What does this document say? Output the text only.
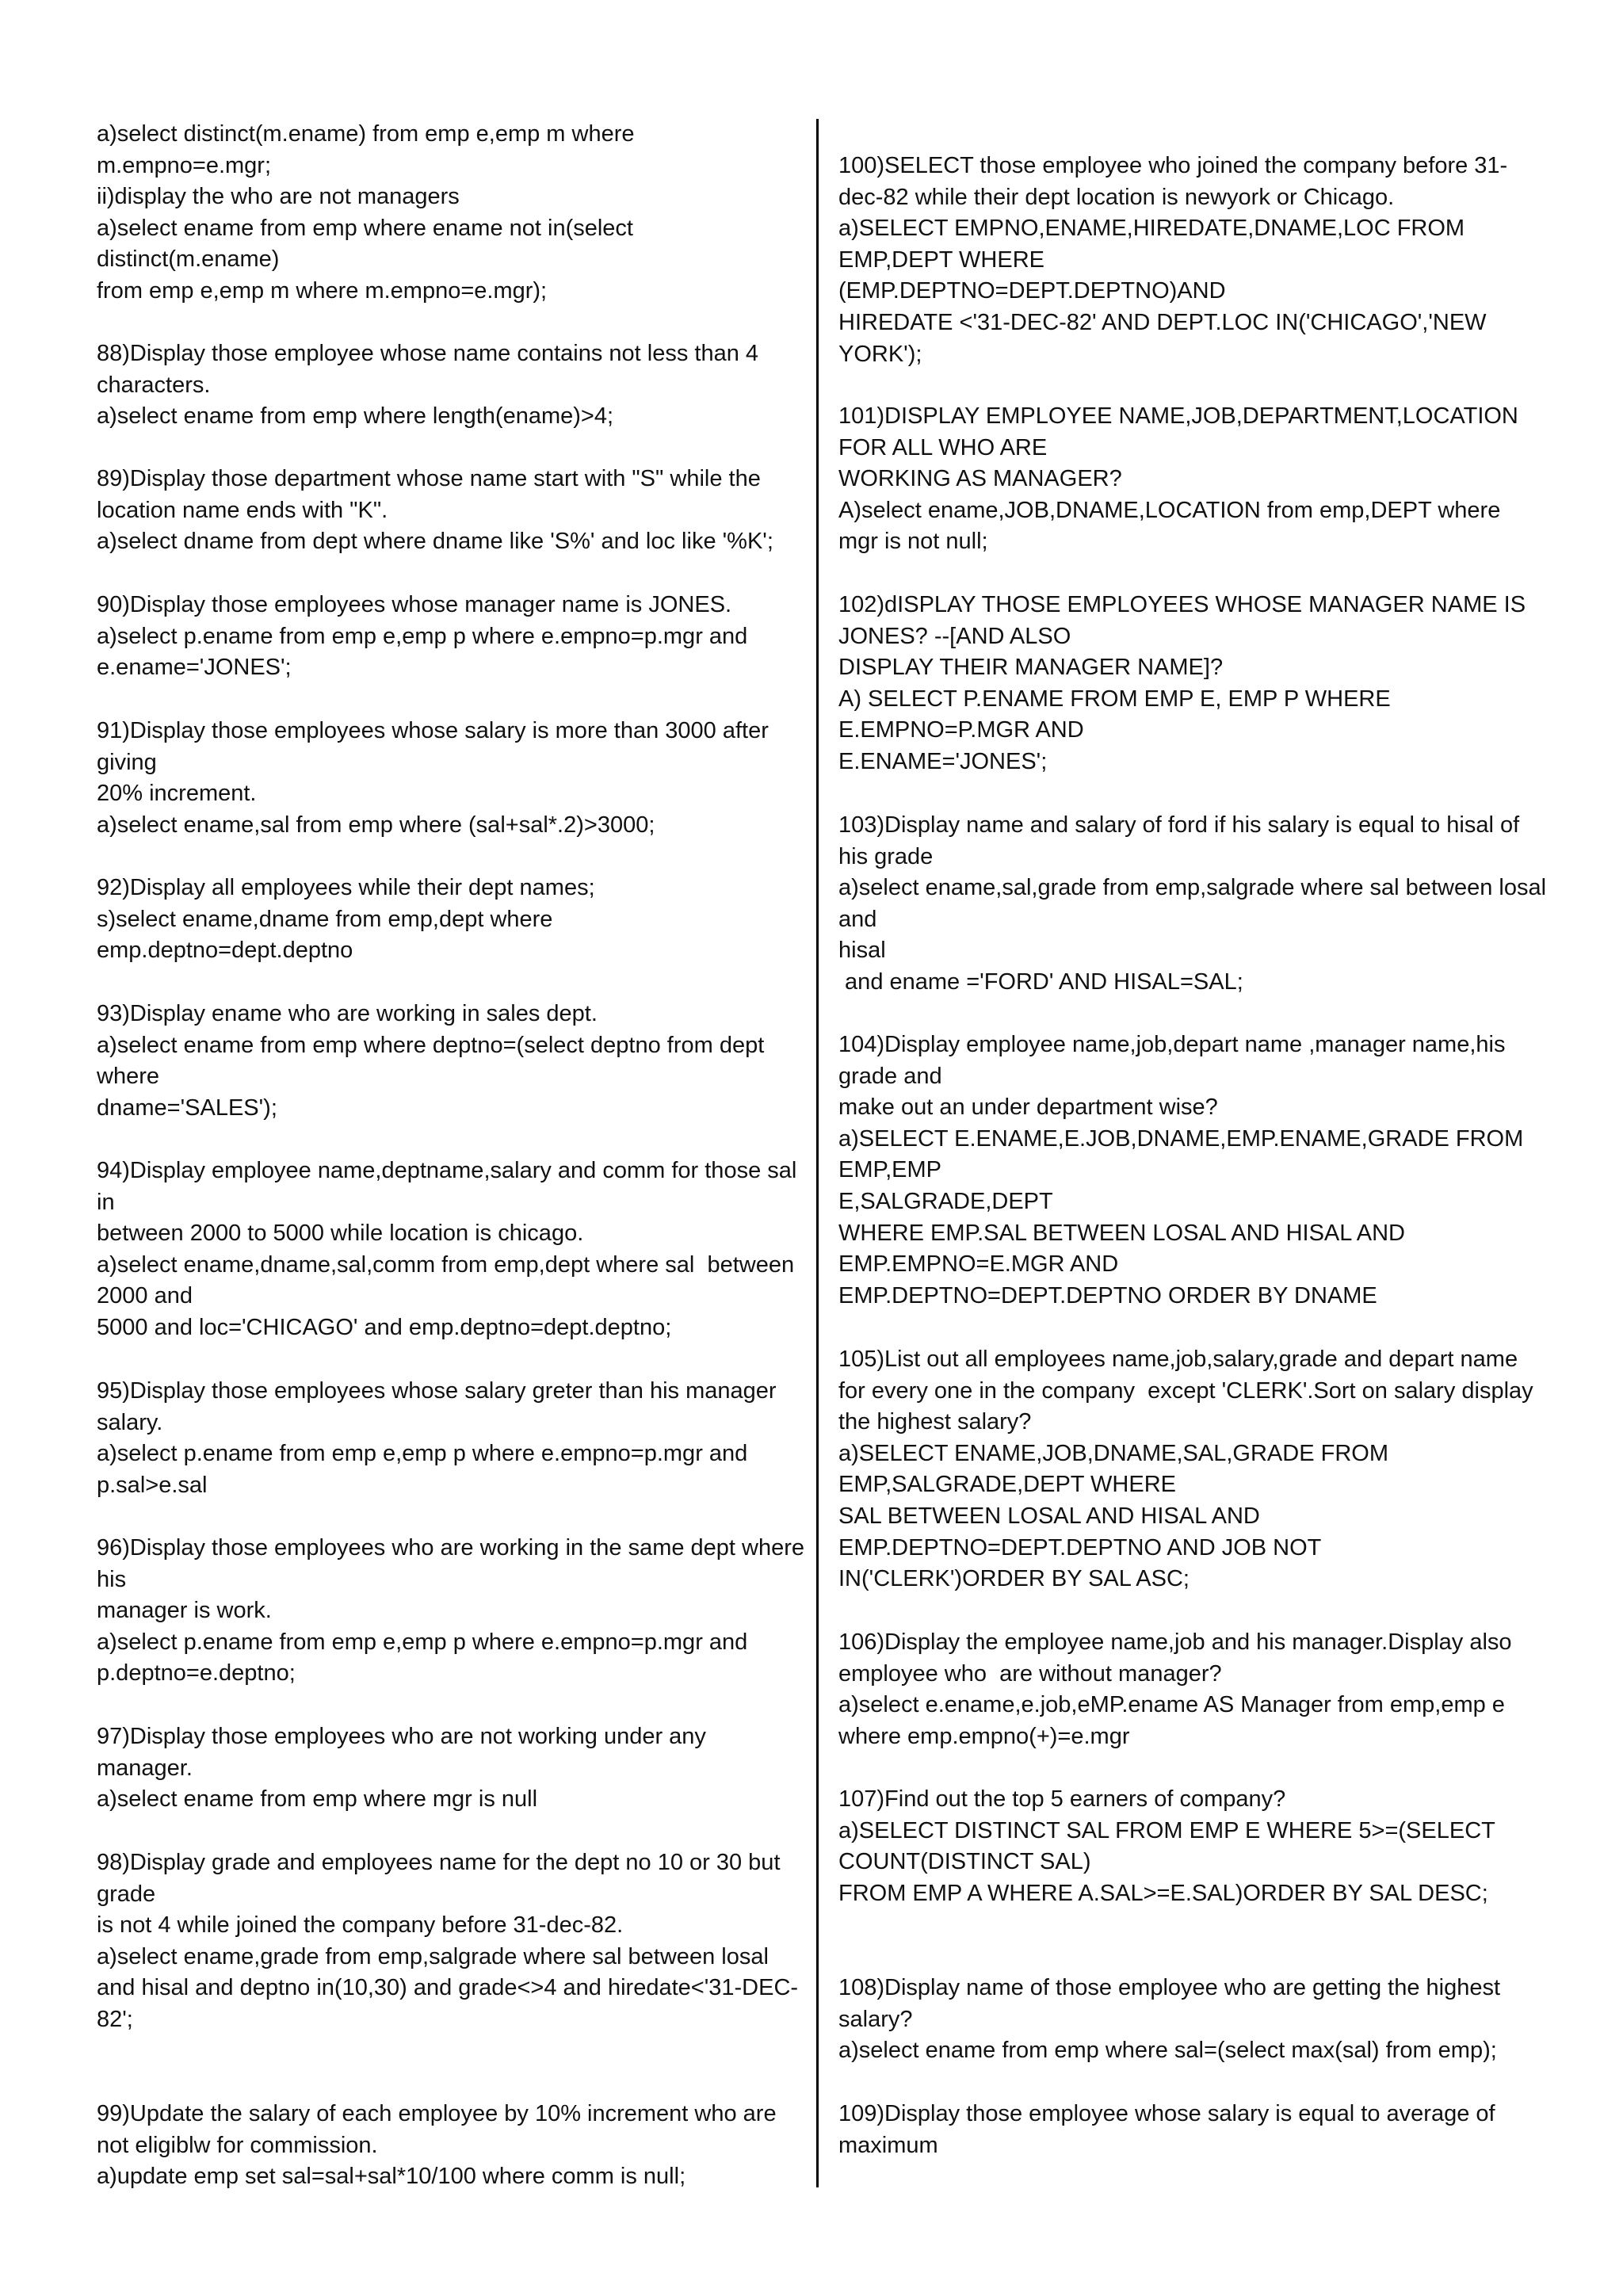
a)select distinct(m.ename) from emp e,emp m where
m.empno=e.mgr;
ii)display the who are not managers
a)select ename from emp where ename not in(select
distinct(m.ename)
from emp e,emp m where m.empno=e.mgr);
88)Display those employee whose name contains not less than 4
characters.
a)select ename from emp where length(ename)>4;
89)Display those department whose name start with "S" while the
location name ends with "K".
a)select dname from dept where dname like 'S%' and loc like '%K';
90)Display those employees whose manager name is JONES.
a)select p.ename from emp e,emp p where e.empno=p.mgr and
e.ename='JONES';
91)Display those employees whose salary is more than 3000 after
giving
20% increment.
a)select ename,sal from emp where (sal+sal*.2)>3000;
92)Display all employees while their dept names;
s)select ename,dname from emp,dept where
emp.deptno=dept.deptno
93)Display ename who are working in sales dept.
a)select ename from emp where deptno=(select deptno from dept
where
dname='SALES');
94)Display employee name,deptname,salary and comm for those sal
in
between 2000 to 5000 while location is chicago.
a)select ename,dname,sal,comm from emp,dept where sal  between
2000 and
5000 and loc='CHICAGO' and emp.deptno=dept.deptno;
95)Display those employees whose salary greter than his manager
salary.
a)select p.ename from emp e,emp p where e.empno=p.mgr and
p.sal>e.sal
96)Display those employees who are working in the same dept where
his
manager is work.
a)select p.ename from emp e,emp p where e.empno=p.mgr and
p.deptno=e.deptno;
97)Display those employees who are not working under any
manager.
a)select ename from emp where mgr is null
98)Display grade and employees name for the dept no 10 or 30 but
grade
is not 4 while joined the company before 31-dec-82.
a)select ename,grade from emp,salgrade where sal between losal
and hisal and deptno in(10,30) and grade<>4 and hiredate<'31-DEC-
82';
99)Update the salary of each employee by 10% increment who are
not eligiblw for commission.
a)update emp set sal=sal+sal*10/100 where comm is null;
100)SELECT those employee who joined the company before 31-
dec-82 while their dept location is newyork or Chicago.
a)SELECT EMPNO,ENAME,HIREDATE,DNAME,LOC FROM
EMP,DEPT WHERE
(EMP.DEPTNO=DEPT.DEPTNO)AND
HIREDATE <'31-DEC-82' AND DEPT.LOC IN('CHICAGO','NEW
YORK');
101)DISPLAY EMPLOYEE NAME,JOB,DEPARTMENT,LOCATION
FOR ALL WHO ARE
WORKING AS MANAGER?
A)select ename,JOB,DNAME,LOCATION from emp,DEPT where
mgr is not null;
102)dISPLAY THOSE EMPLOYEES WHOSE MANAGER NAME IS
JONES? --[AND ALSO
DISPLAY THEIR MANAGER NAME]?
A) SELECT P.ENAME FROM EMP E, EMP P WHERE
E.EMPNO=P.MGR AND
E.ENAME='JONES';
103)Display name and salary of ford if his salary is equal to hisal of
his grade
a)select ename,sal,grade from emp,salgrade where sal between losal
and
hisal
and ename ='FORD' AND HISAL=SAL;
104)Display employee name,job,depart name ,manager name,his
grade and
make out an under department wise?
a)SELECT E.ENAME,E.JOB,DNAME,EMP.ENAME,GRADE FROM
EMP,EMP
E,SALGRADE,DEPT
WHERE EMP.SAL BETWEEN LOSAL AND HISAL AND
EMP.EMPNO=E.MGR AND
EMP.DEPTNO=DEPT.DEPTNO ORDER BY DNAME
105)List out all employees name,job,salary,grade and depart name
for every one in the company  except 'CLERK'.Sort on salary display
the highest salary?
a)SELECT ENAME,JOB,DNAME,SAL,GRADE FROM
EMP,SALGRADE,DEPT WHERE
SAL BETWEEN LOSAL AND HISAL AND
EMP.DEPTNO=DEPT.DEPTNO AND JOB NOT
IN('CLERK')ORDER BY SAL ASC;
106)Display the employee name,job and his manager.Display also
employee who  are without manager?
a)select e.ename,e.job,eMP.ename AS Manager from emp,emp e
where emp.empno(+)=e.mgr
107)Find out the top 5 earners of company?
a)SELECT DISTINCT SAL FROM EMP E WHERE 5>=(SELECT
COUNT(DISTINCT SAL)
FROM EMP A WHERE A.SAL>=E.SAL)ORDER BY SAL DESC;
108)Display name of those employee who are getting the highest
salary?
a)select ename from emp where sal=(select max(sal) from emp);
109)Display those employee whose salary is equal to average of
maximum
